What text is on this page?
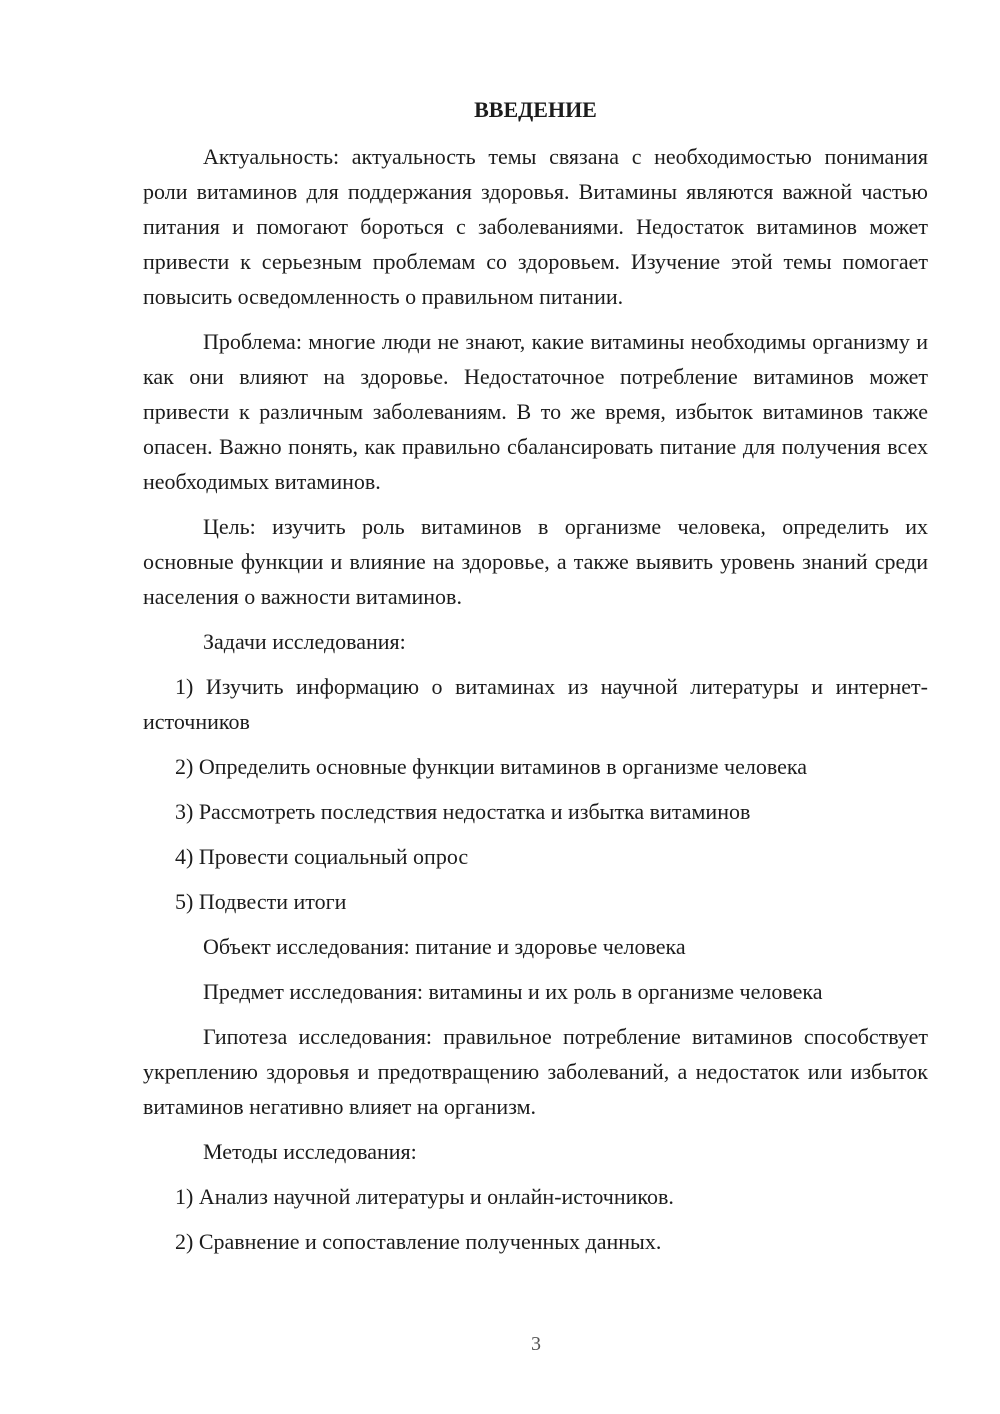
ВВЕДЕНИЕ

Актуальность: актуальность темы связана с необходимостью понимания роли витаминов для поддержания здоровья. Витамины являются важной частью питания и помогают бороться с заболеваниями. Недостаток витаминов может привести к серьезным проблемам со здоровьем. Изучение этой темы помогает повысить осведомленность о правильном питании.

Проблема: многие люди не знают, какие витамины необходимы организму и как они влияют на здоровье. Недостаточное потребление витаминов может привести к различным заболеваниям. В то же время, избыток витаминов также опасен. Важно понять, как правильно сбалансировать питание для получения всех необходимых витаминов.

Цель: изучить роль витаминов в организме человека, определить их основные функции и влияние на здоровье, а также выявить уровень знаний среди населения о важности витаминов.

Задачи исследования:

1) Изучить информацию о витаминах из научной литературы и интернет-источников

2) Определить основные функции витаминов в организме человека

3) Рассмотреть последствия недостатка и избытка витаминов

4) Провести социальный опрос

5) Подвести итоги

Объект исследования: питание и здоровье человека

Предмет исследования: витамины и их роль в организме человека

Гипотеза исследования: правильное потребление витаминов способствует укреплению здоровья и предотвращению заболеваний, а недостаток или избыток витаминов негативно влияет на организм.

Методы исследования:

1) Анализ научной литературы и онлайн-источников.

2) Сравнение и сопоставление полученных данных.

3
